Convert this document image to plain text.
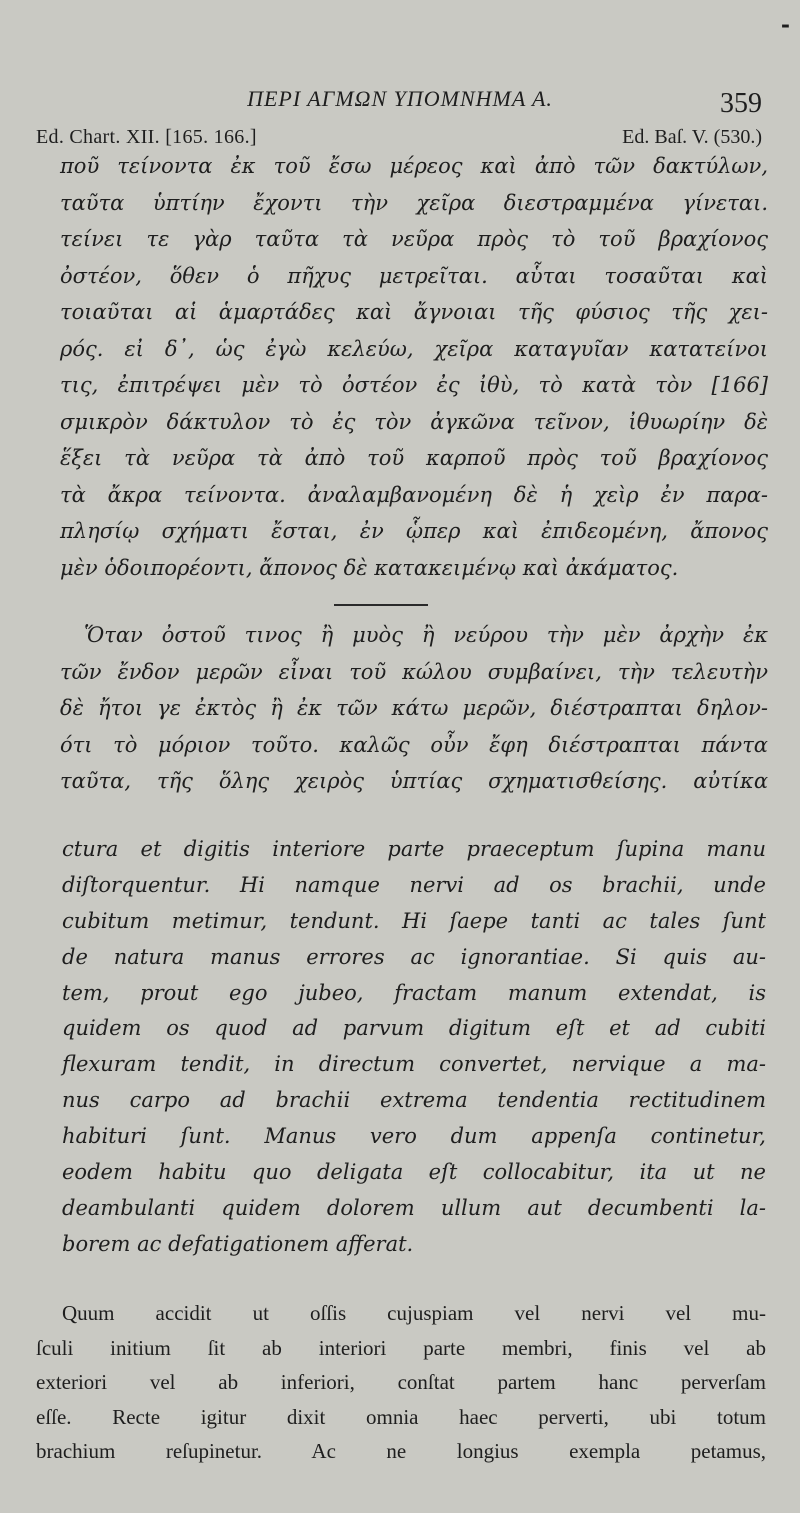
-
ΠΕΡΙ ΑΓΜΩΝ ΥΠΟΜΝΗΜΑ Α.	359
Ed. Chart. XII. [165. 166.]	Ed. Baſ. V. (530.)
ποῦ τείνοντα ἐκ τοῦ ἔσω μέρεος καὶ ἀπὸ τῶν δακτύλων,
ταῦτα ὑπτίην ἔχοντι τὴν χεῖρα διεστραμμένα γίνεται.
τείνει τε γὰρ ταῦτα τὰ νεῦρα πρὸς τὸ τοῦ βραχίονος
ὀστέον, ὅθεν ὁ πῆχυς μετρεῖται. αὗται τοσαῦται καὶ
τοιαῦται αἱ ἁμαρτάδες καὶ ἄγνοιαι τῆς φύσιος τῆς χει-
ρός. εἰ δ᾽, ὡς ἐγὼ κελεύω, χεῖρα καταγυῖαν κατατείνοι
τις, ἐπιτρέψει μὲν τὸ ὀστέον ἐς ἰθὺ, τὸ κατὰ τὸν [166]
σμικρὸν δάκτυλον τὸ ἐς τὸν ἀγκῶνα τεῖνον, ἰθυωρίην δὲ
ἕξει τὰ νεῦρα τὰ ἀπὸ τοῦ καρποῦ πρὸς τοῦ βραχίονος
τὰ ἄκρα τείνοντα. ἀναλαμβανομένη δὲ ἡ χεὶρ ἐν παρα-
πλησίῳ σχήματι ἔσται, ἐν ᾧπερ καὶ ἐπιδεομένη, ἄπονος
μὲν ὁδοιπορέοντι, ἄπονος δὲ κατακειμένῳ καὶ ἀκάματος.
Ὅταν ὀστοῦ τινος ἢ μυὸς ἢ νεύρου τὴν μὲν ἀρχὴν ἐκ
τῶν ἔνδον μερῶν εἶναι τοῦ κώλου συμβαίνει, τὴν τελευτὴν
δὲ ἤτοι γε ἐκτὸς ἢ ἐκ τῶν κάτω μερῶν, διέστραπται δηλον-
ότι τὸ μόριον τοῦτο. καλῶς οὖν ἔφη διέστραπται πάντα
ταῦτα, τῆς ὅλης χειρὸς ὑπτίας σχηματισθείσης. αὐτίκα
ctura et digitis interiore parte praeceptum ſupina manu
diſtorquentur. Hi namque nervi ad os brachii, unde
cubitum metimur, tendunt. Hi ſaepe tanti ac tales ſunt
de natura manus errores ac ignorantiae. Si quis au-
tem, prout ego jubeo, fractam manum extendat, is
quidem os quod ad parvum digitum eſt et ad cubiti
flexuram tendit, in directum convertet, nervique a ma-
nus carpo ad brachii extrema tendentia rectitudinem
habituri ſunt. Manus vero dum appenſa continetur,
eodem habitu quo deligata eſt collocabitur, ita ut ne
deambulanti quidem dolorem ullum aut decumbenti la-
borem ac defatigationem afferat.
Quum accidit ut oſſis cujuspiam vel nervi vel mu-
ſculi initium ſit ab interiori parte membri, finis vel ab
exteriori vel ab inferiori, conſtat partem hanc perverſam
eſſe. Recte igitur dixit omnia haec perverti, ubi totum
brachium reſupinetur. Ac ne longius exempla petamus,
